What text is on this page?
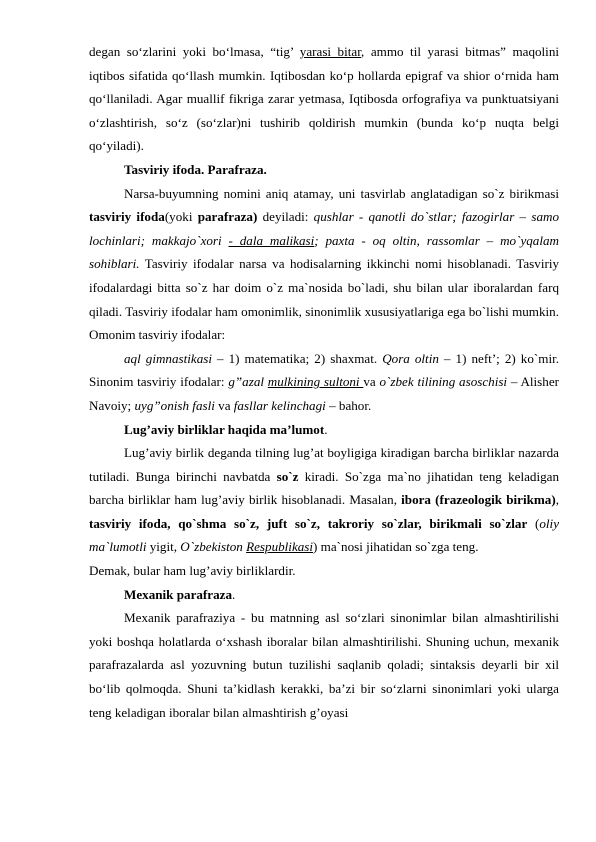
degan so‘zlarini yoki bo‘lmasa, “tig’ yarasi bitar, ammo til yarasi bitmas” maqolini iqtibos sifatida qo‘llash mumkin. Iqtibosdan ko‘p hollarda epigraf va shior o‘rnida ham qo‘llaniladi. Agar muallif fikriga zarar yetmasa, Iqtibosda orfografiya va punktuatsiyani o‘zlashtirish, so‘z (so‘zlar)ni tushirib qoldirish mumkin (bunda ko‘p nuqta belgi qo‘yiladi).

Tasviriy ifoda. Parafraza.

Narsa-buyumning nomini aniq atamay, uni tasvirlab anglatadigan so`z birikmasi tasviriy ifoda(yoki parafraza) deyiladi: qushlar - qanotli do`stlar; fazogirlar – samo lochinlari; makkajo`xori - dala malikasi; paxta - oq oltin, rassomlar – mo`yqalam sohiblari. Tasviriy ifodalar narsa va hodisalarning ikkinchi nomi hisoblanadi. Tasviriy ifodalardagi bitta so`z har doim o`z ma`nosida bo`ladi, shu bilan ular iboralardan farq qiladi. Tasviriy ifodalar ham omonimlik, sinonimlik xususiyatlariga ega bo`lishi mumkin. Omonim tasviriy ifodalar:

aql gimnastikasi – 1) matematika; 2) shaxmat. Qora oltin – 1) neft’; 2) ko`mir. Sinonim tasviriy ifodalar: g”azal mulkining sultoni va o`zbek tilining asoschisi – Alisher Navoiy; uyg”onish fasli va fasllar kelinchagi – bahor.

Lug’aviy birliklar haqida ma’lumot.

Lug’aviy birlik deganda tilning lug’at boyligiga kiradigan barcha birliklar nazarda tutiladi. Bunga birinchi navbatda so`z kiradi. So`zga ma`no jihatidan teng keladigan barcha birliklar ham lug’aviy birlik hisoblanadi. Masalan, ibora (frazeologik birikma), tasviriy ifoda, qo`shma so`z, juft so`z, takroriy so`zlar, birikmali so`zlar (oliy ma`lumotli yigit, O`zbekiston Respublikasi) ma`nosi jihatidan so`zga teng.

Demak, bular ham lug’aviy birliklardir.

Mexanik parafraza.

Mexanik parafraziya - bu matnning asl so‘zlari sinonimlar bilan almashtirilishi yoki boshqa holatlarda o‘xshash iboralar bilan almashtirilishi. Shuning uchun, mexanik parafrazalarda asl yozuvning butun tuzilishi saqlanib qoladi; sintaksis deyarli bir xil bo‘lib qolmoqda. Shuni ta’kidlash kerakki, ba’zi bir so‘zlarni sinonimlari yoki ularga teng keladigan iboralar bilan almashtirish g’oyasi
